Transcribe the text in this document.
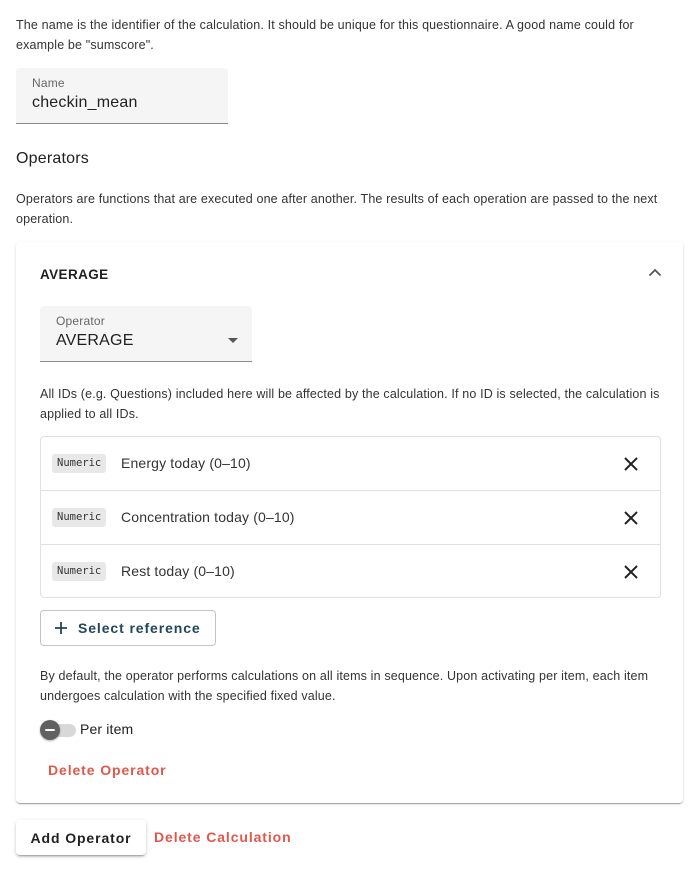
The name is the identifier of the calculation. It should be unique for this questionnaire. A good name could for example be "sumscore".
Name
checkin_mean
Operators
Operators are functions that are executed one after another. The results of each operation are passed to the next operation.
AVERAGE
Operator
AVERAGE
All IDs (e.g. Questions) included here will be affected by the calculation. If no ID is selected, the calculation is applied to all IDs.
Numeric	Energy today (0–10)
Numeric	Concentration today (0–10)
Numeric	Rest today (0–10)
Select reference
By default, the operator performs calculations on all items in sequence. Upon activating per item, each item undergoes calculation with the specified fixed value.
Per item
Delete Operator
Add Operator	Delete Calculation
